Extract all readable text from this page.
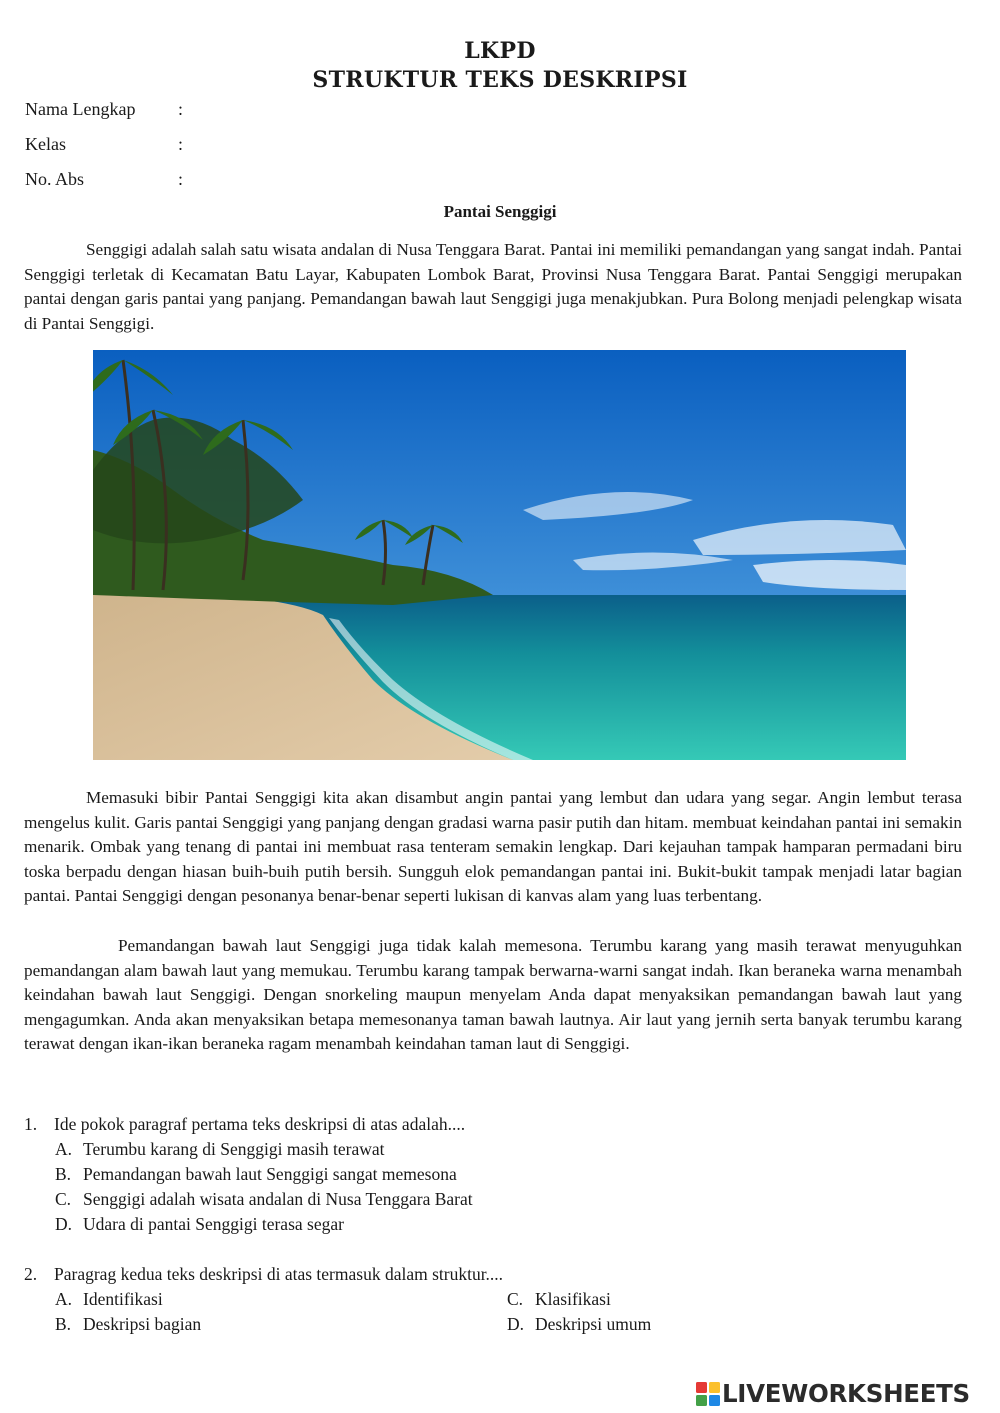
LKPD
STRUKTUR TEKS DESKRIPSI
Nama Lengkap :
Kelas	:
No. Abs	:
Pantai Senggigi

Senggigi adalah salah satu wisata andalan di Nusa Tenggara Barat. Pantai ini memiliki pemandangan yang sangat indah. Pantai Senggigi terletak di Kecamatan Batu Layar, Kabupaten Lombok Barat, Provinsi Nusa Tenggara Barat. Pantai Senggigi merupakan pantai dengan garis pantai yang panjang. Pemandangan bawah laut Senggigi juga menakjubkan. Pura Bolong menjadi pelengkap wisata di Pantai Senggigi.

Memasuki bibir Pantai Senggigi kita akan disambut angin pantai yang lembut dan udara yang segar. Angin lembut terasa mengelus kulit. Garis pantai Senggigi yang panjang dengan gradasi warna pasir putih dan hitam. membuat keindahan pantai ini semakin menarik. Ombak yang tenang di pantai ini membuat rasa tenteram semakin lengkap. Dari kejauhan tampak hamparan permadani biru toska berpadu dengan hiasan buih-buih putih bersih. Sungguh elok pemandangan pantai ini. Bukit-bukit tampak menjadi latar bagian pantai. Pantai Senggigi dengan pesonanya benar-benar seperti lukisan di kanvas alam yang luas terbentang.

Pemandangan bawah laut Senggigi juga tidak kalah memesona. Terumbu karang yang masih terawat menyuguhkan pemandangan alam bawah laut yang memukau. Terumbu karang tampak berwarna-warni sangat indah. Ikan beraneka warna menambah keindahan bawah laut Senggigi. Dengan snorkeling maupun menyelam Anda dapat menyaksikan pemandangan bawah laut yang mengagumkan. Anda akan menyaksikan betapa memesonanya taman bawah lautnya. Air laut yang jernih serta banyak terumbu karang terawat dengan ikan-ikan beraneka ragam menambah keindahan taman laut di Senggigi.

1. Ide pokok paragraf pertama teks deskripsi di atas adalah....
A. Terumbu karang di Senggigi masih terawat
B. Pemandangan bawah laut Senggigi sangat memesona
C. Senggigi adalah wisata andalan di Nusa Tenggara Barat
D. Udara di pantai Senggigi terasa segar
2. Paragrag kedua teks deskripsi di atas termasuk dalam struktur....
A. Identifikasi
B. Deskripsi bagian
C. Klasifikasi
D. Deskripsi umum
LIVEWORKSHEETS
